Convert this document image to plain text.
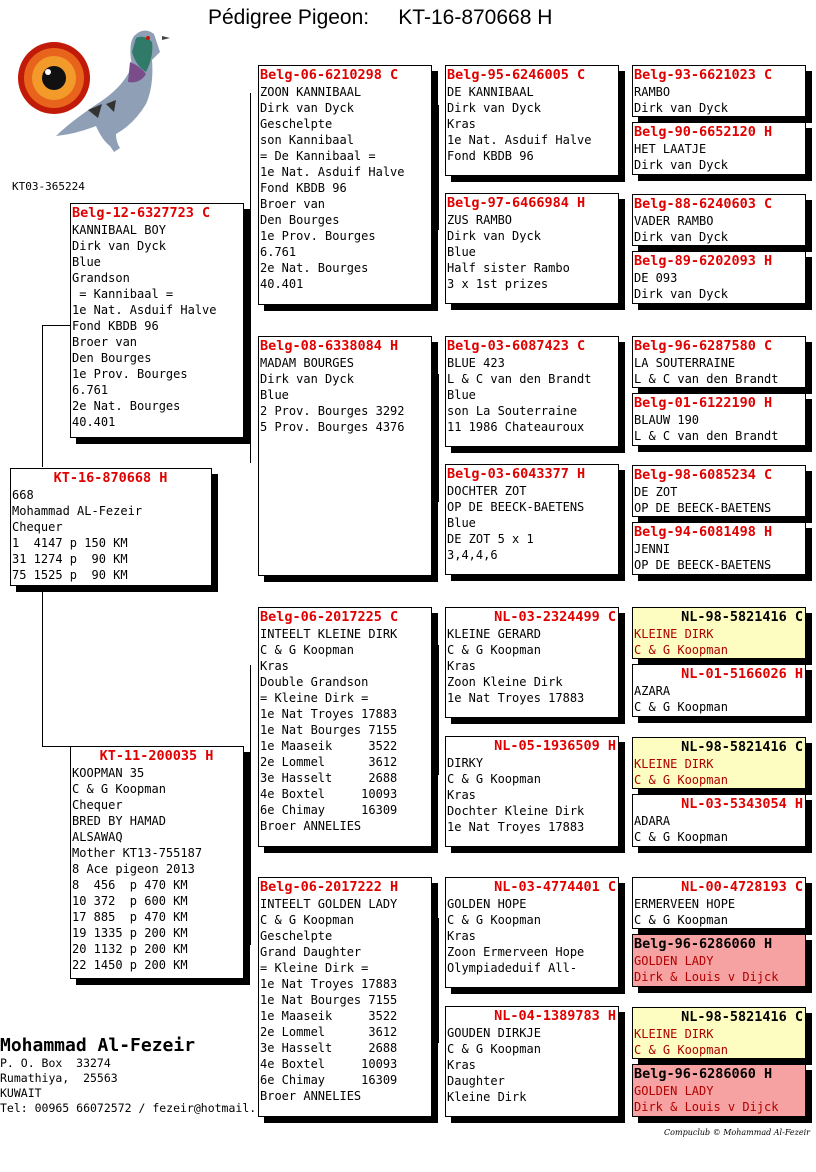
Pédigree Pigeon:     KT-16-870668 H
KT03-365224
KT-16-870668 H
668
Mohammad AL-Fezeir
Chequer
1  4147 p 150 KM
31 1274 p  90 KM
75 1525 p  90 KM
Belg-12-6327723 C
KANNIBAAL BOY
Dirk van Dyck
Blue
Grandson
= Kannibaal =
1e Nat. Asduif Halve
Fond KBDB 96
Broer van
Den Bourges
1e Prov. Bourges
6.761
2e Nat. Bourges
40.401
KT-11-200035 H
KOOPMAN 35
C & G Koopman
Chequer
BRED BY HAMAD
ALSAWAQ
Mother KT13-755187
8 Ace pigeon 2013
8  456  p 470 KM
10 372  p 600 KM
17 885  p 470 KM
19 1335 p 200 KM
20 1132 p 200 KM
22 1450 p 200 KM
Belg-06-6210298 C
ZOON KANNIBAAL
Dirk van Dyck
Geschelpte
son Kannibaal
= De Kannibaal =
1e Nat. Asduif Halve
Fond KBDB 96
Broer van
Den Bourges
1e Prov. Bourges
6.761
2e Nat. Bourges
40.401
Belg-08-6338084 H
MADAM BOURGES
Dirk van Dyck
Blue
2 Prov. Bourges 3292
5 Prov. Bourges 4376
Belg-06-2017225 C
INTEELT KLEINE DIRK
C & G Koopman
Kras
Double Grandson
= Kleine Dirk =
1e Nat Troyes 17883
1e Nat Bourges 7155
1e Maaseik     3522
2e Lommel      3612
3e Hasselt     2688
4e Boxtel     10093
6e Chimay     16309
Broer ANNELIES
Belg-06-2017222 H
INTEELT GOLDEN LADY
C & G Koopman
Geschelpte
Grand Daughter
= Kleine Dirk =
1e Nat Troyes 17883
1e Nat Bourges 7155
1e Maaseik     3522
2e Lommel      3612
3e Hasselt     2688
4e Boxtel     10093
6e Chimay     16309
Broer ANNELIES
Belg-95-6246005 C
DE KANNIBAAL
Dirk van Dyck
Kras
1e Nat. Asduif Halve
Fond KBDB 96
Belg-97-6466984 H
ZUS RAMBO
Dirk van Dyck
Blue
Half sister Rambo
3 x 1st prizes
Belg-03-6087423 C
BLUE 423
L & C van den Brandt
Blue
son La Souterraine
11 1986 Chateauroux
Belg-03-6043377 H
DOCHTER ZOT
OP DE BEECK-BAETENS
Blue
DE ZOT 5 x 1
3,4,4,6
NL-03-2324499 C
KLEINE GERARD
C & G Koopman
Kras
Zoon Kleine Dirk
1e Nat Troyes 17883
NL-05-1936509 H
DIRKY
C & G Koopman
Kras
Dochter Kleine Dirk
1e Nat Troyes 17883
NL-03-4774401 C
GOLDEN HOPE
C & G Koopman
Kras
Zoon Ermerveen Hope
Olympiadeduif All-
NL-04-1389783 H
GOUDEN DIRKJE
C & G Koopman
Kras
Daughter
Kleine Dirk
Belg-93-6621023 C
RAMBO
Dirk van Dyck
Belg-90-6652120 H
HET LAATJE
Dirk van Dyck
Belg-88-6240603 C
VADER RAMBO
Dirk van Dyck
Belg-89-6202093 H
DE 093
Dirk van Dyck
Belg-96-6287580 C
LA SOUTERRAINE
L & C van den Brandt
Belg-01-6122190 H
BLAUW 190
L & C van den Brandt
Belg-98-6085234 C
DE ZOT
OP DE BEECK-BAETENS
Belg-94-6081498 H
JENNI
OP DE BEECK-BAETENS
NL-98-5821416 C
KLEINE DIRK
C & G Koopman
NL-01-5166026 H
AZARA
C & G Koopman
NL-98-5821416 C
KLEINE DIRK
C & G Koopman
NL-03-5343054 H
ADARA
C & G Koopman
NL-00-4728193 C
ERMERVEEN HOPE
C & G Koopman
Belg-96-6286060 H
GOLDEN LADY
Dirk & Louis v Dijck
NL-98-5821416 C
KLEINE DIRK
C & G Koopman
Belg-96-6286060 H
GOLDEN LADY
Dirk & Louis v Dijck
Mohammad Al-Fezeir
P. O. Box  33274
Rumathiya,  25563
KUWAIT
Tel: 00965 66072572 / fezeir@hotmail.
Compuclub © Mohammad Al-Fezeir
